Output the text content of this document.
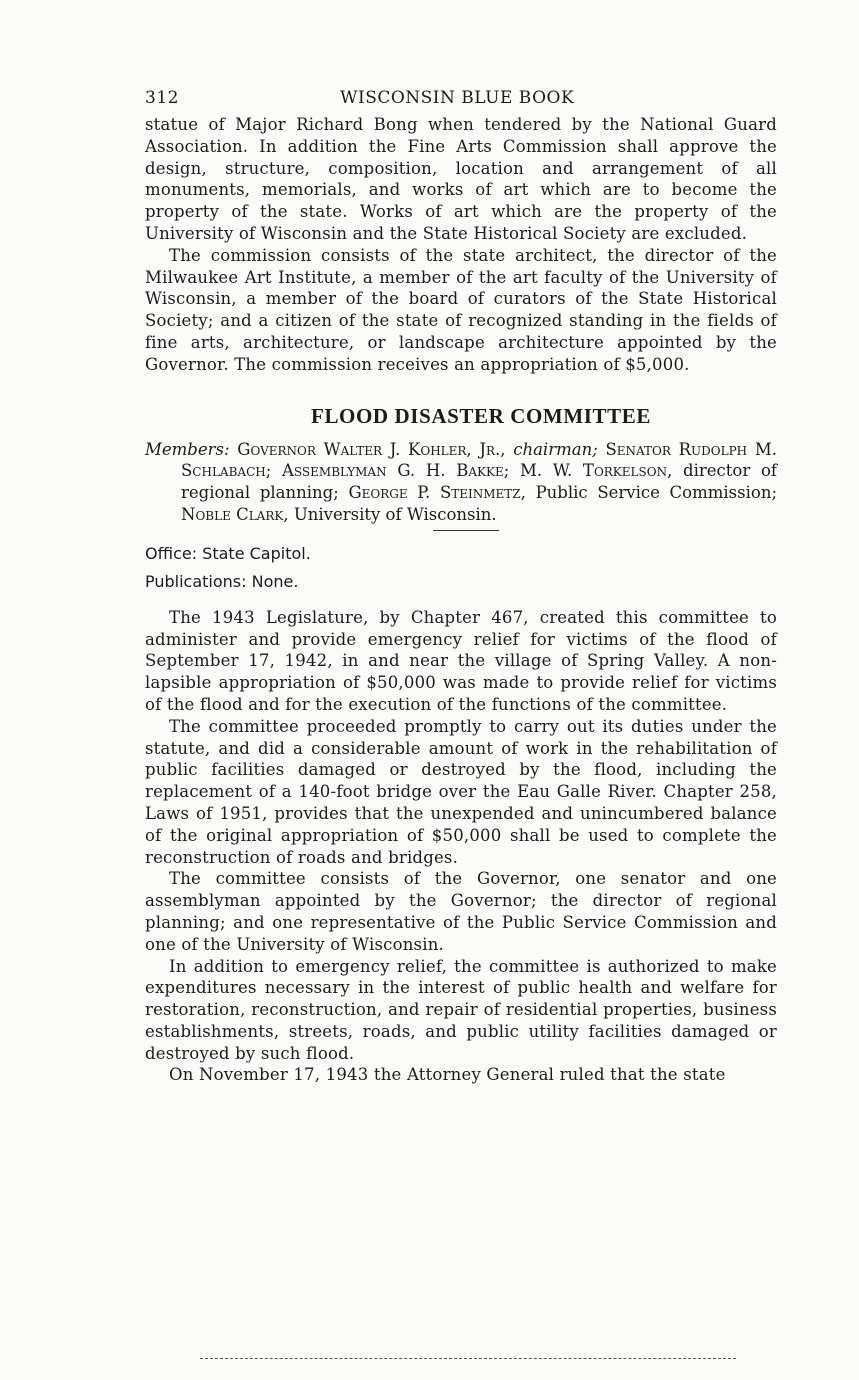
312	WISCONSIN BLUE BOOK

statue of Major Richard Bong when tendered by the National Guard Association. In addition the Fine Arts Commission shall approve the design, structure, composition, location and arrangement of all monuments, memorials, and works of art which are to become the property of the state. Works of art which are the property of the University of Wisconsin and the State Historical Society are excluded.

The commission consists of the state architect, the director of the Milwaukee Art Institute, a member of the art faculty of the University of Wisconsin, a member of the board of curators of the State Historical Society; and a citizen of the state of recognized standing in the fields of fine arts, architecture, or landscape architecture appointed by the Governor. The commission receives an appropriation of $5,000.

FLOOD DISASTER COMMITTEE

Members: Governor Walter J. Kohler, Jr., chairman; Senator Rudolph M. Schlabach; Assemblyman G. H. Bakke; M. W. Torkelson, director of regional planning; George P. Steinmetz, Public Service Commission; Noble Clark, University of Wisconsin.

Office: State Capitol.

Publications: None.

The 1943 Legislature, by Chapter 467, created this committee to administer and provide emergency relief for victims of the flood of September 17, 1942, in and near the village of Spring Valley. A non-lapsible appropriation of $50,000 was made to provide relief for victims of the flood and for the execution of the functions of the committee.

The committee proceeded promptly to carry out its duties under the statute, and did a considerable amount of work in the rehabilitation of public facilities damaged or destroyed by the flood, including the replacement of a 140-foot bridge over the Eau Galle River. Chapter 258, Laws of 1951, provides that the unexpended and unincumbered balance of the original appropriation of $50,000 shall be used to complete the reconstruction of roads and bridges.

The committee consists of the Governor, one senator and one assemblyman appointed by the Governor; the director of regional planning; and one representative of the Public Service Commission and one of the University of Wisconsin.

In addition to emergency relief, the committee is authorized to make expenditures necessary in the interest of public health and welfare for restoration, reconstruction, and repair of residential properties, business establishments, streets, roads, and public utility facilities damaged or destroyed by such flood.

On November 17, 1943 the Attorney General ruled that the state
